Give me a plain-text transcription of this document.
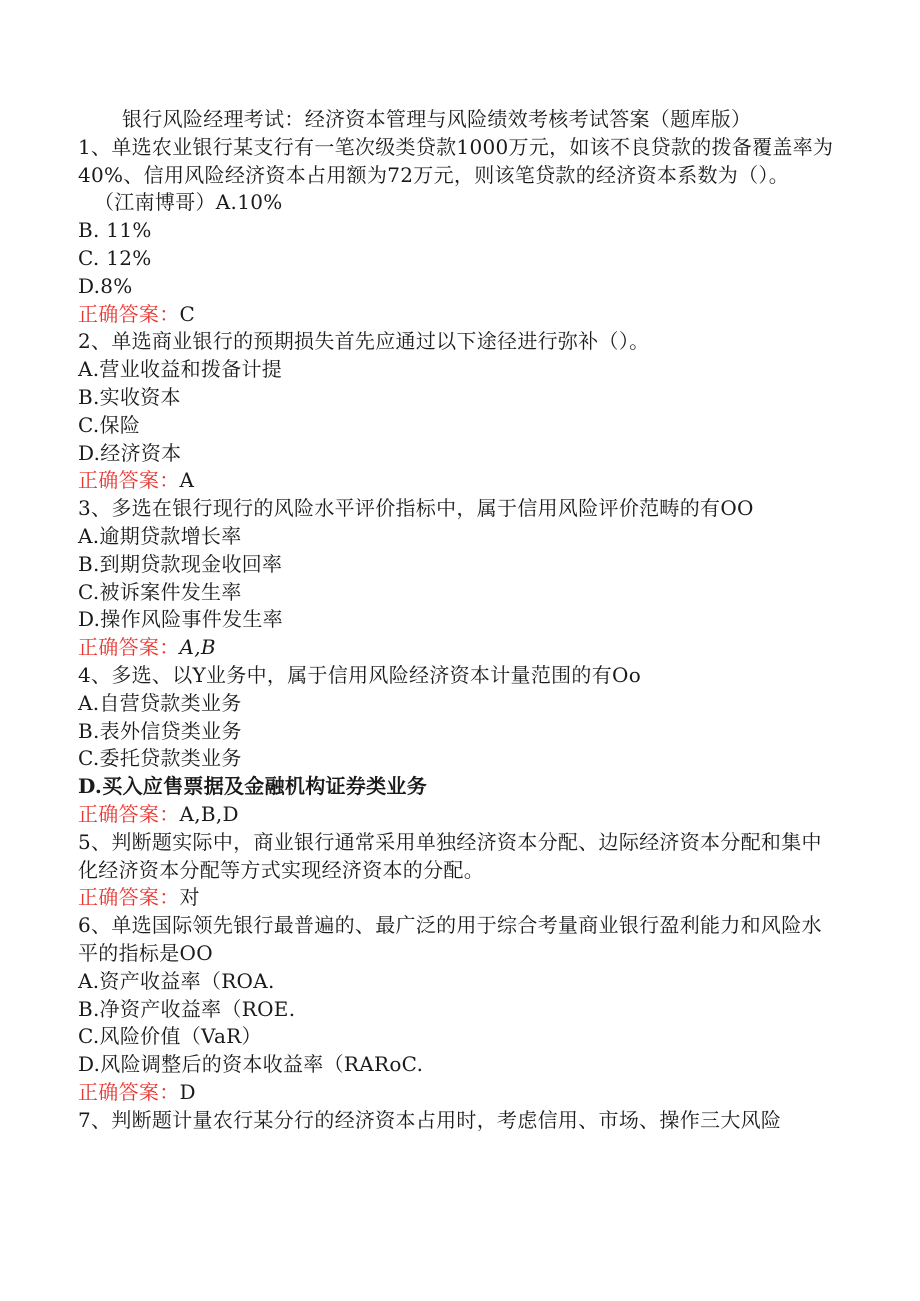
银行风险经理考试：经济资本管理与风险绩效考核考试答案（题库版）

1、单选农业银行某支行有一笔次级类贷款1000万元，如该不良贷款的拨备覆盖率为40%、信用风险经济资本占用额为72万元，则该笔贷款的经济资本系数为（）。

（江南博哥）A.10%

B. 11%

C. 12%

D.8%

正确答案：C

2、单选商业银行的预期损失首先应通过以下途径进行弥补（）。

A.营业收益和拨备计提

B.实收资本

C.保险

D.经济资本

正确答案：A

3、多选在银行现行的风险水平评价指标中，属于信用风险评价范畴的有OO

A.逾期贷款增长率

B.到期贷款现金收回率

C.被诉案件发生率

D.操作风险事件发生率

正确答案：A,B

4、多选、以Y业务中，属于信用风险经济资本计量范围的有Oo

A.自营贷款类业务

B.表外信贷类业务

C.委托贷款类业务

D.买入应售票据及金融机构证券类业务

正确答案：A,B,D

5、判断题实际中，商业银行通常采用单独经济资本分配、边际经济资本分配和集中化经济资本分配等方式实现经济资本的分配。

正确答案：对

6、单选国际领先银行最普遍的、最广泛的用于综合考量商业银行盈利能力和风险水平的指标是OO

A.资产收益率（ROA.

B.净资产收益率（ROE.

C.风险价值（VaR）

D.风险调整后的资本收益率（RARoC.

正确答案：D

7、判断题计量农行某分行的经济资本占用时，考虑信用、市场、操作三大风险
